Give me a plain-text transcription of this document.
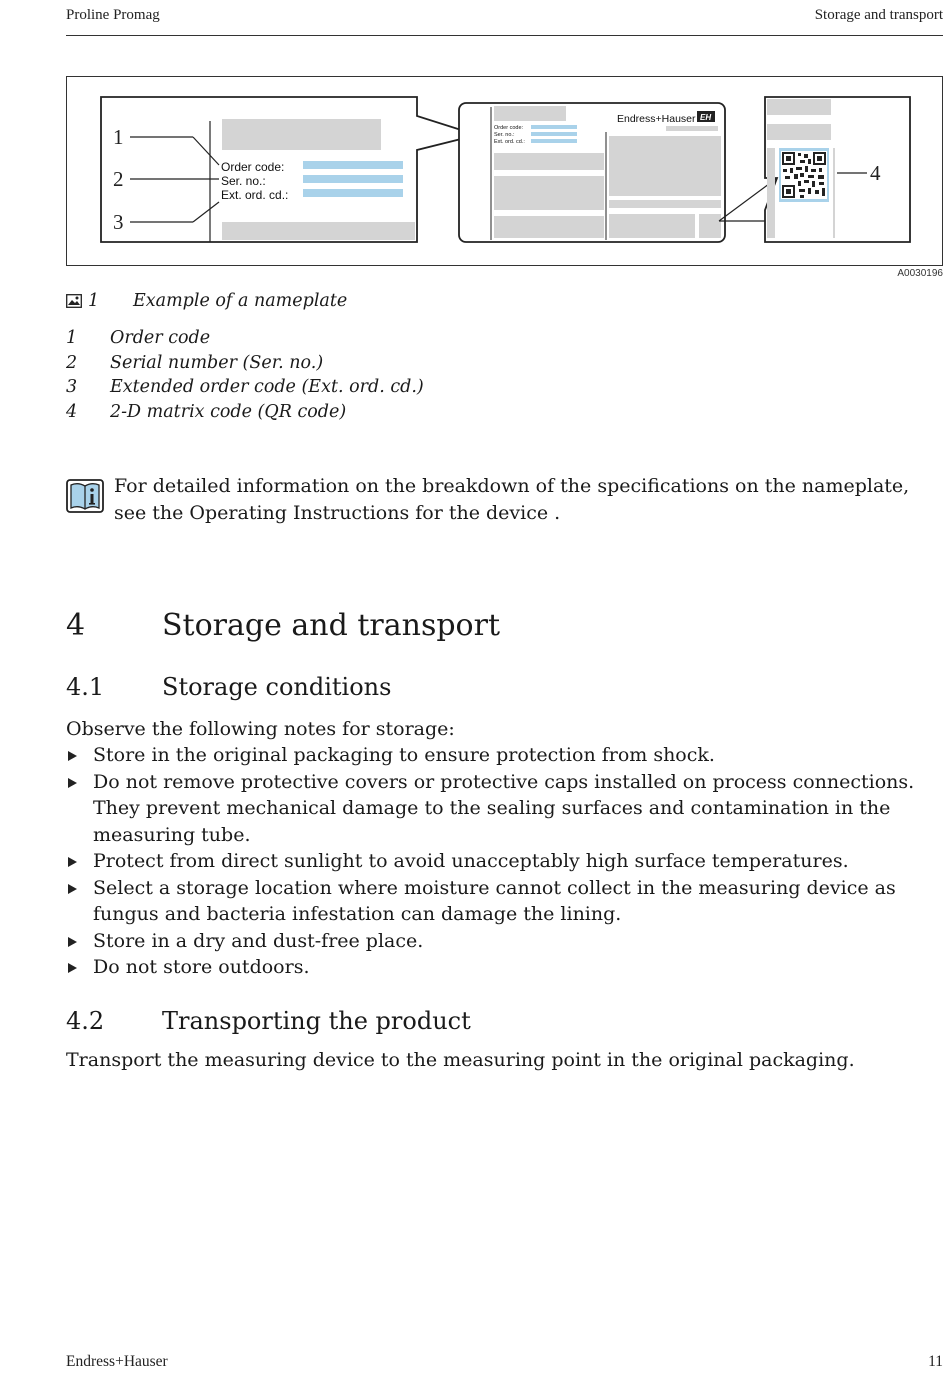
Proline Promag	Storage and transport
Order code:
Ser. no.:
Ext. ord. cd.:
1
2
3
Order code:
Ser. no.:
Ext. ord. cd.:
Endress+Hauser EH
4
A0030196
1	Example of a nameplate
1	Order code
2	Serial number (Ser. no.)
3	Extended order code (Ext. ord. cd.)
4	2-D matrix code (QR code)
For detailed information on the breakdown of the specifications on the nameplate, see the Operating Instructions for the device .
4	Storage and transport
4.1	Storage conditions
Observe the following notes for storage:
Store in the original packaging to ensure protection from shock.
Do not remove protective covers or protective caps installed on process connections. They prevent mechanical damage to the sealing surfaces and contamination in the measuring tube.
Protect from direct sunlight to avoid unacceptably high surface temperatures.
Select a storage location where moisture cannot collect in the measuring device as fungus and bacteria infestation can damage the lining.
Store in a dry and dust-free place.
Do not store outdoors.
4.2	Transporting the product
Transport the measuring device to the measuring point in the original packaging.
Endress+Hauser	11
